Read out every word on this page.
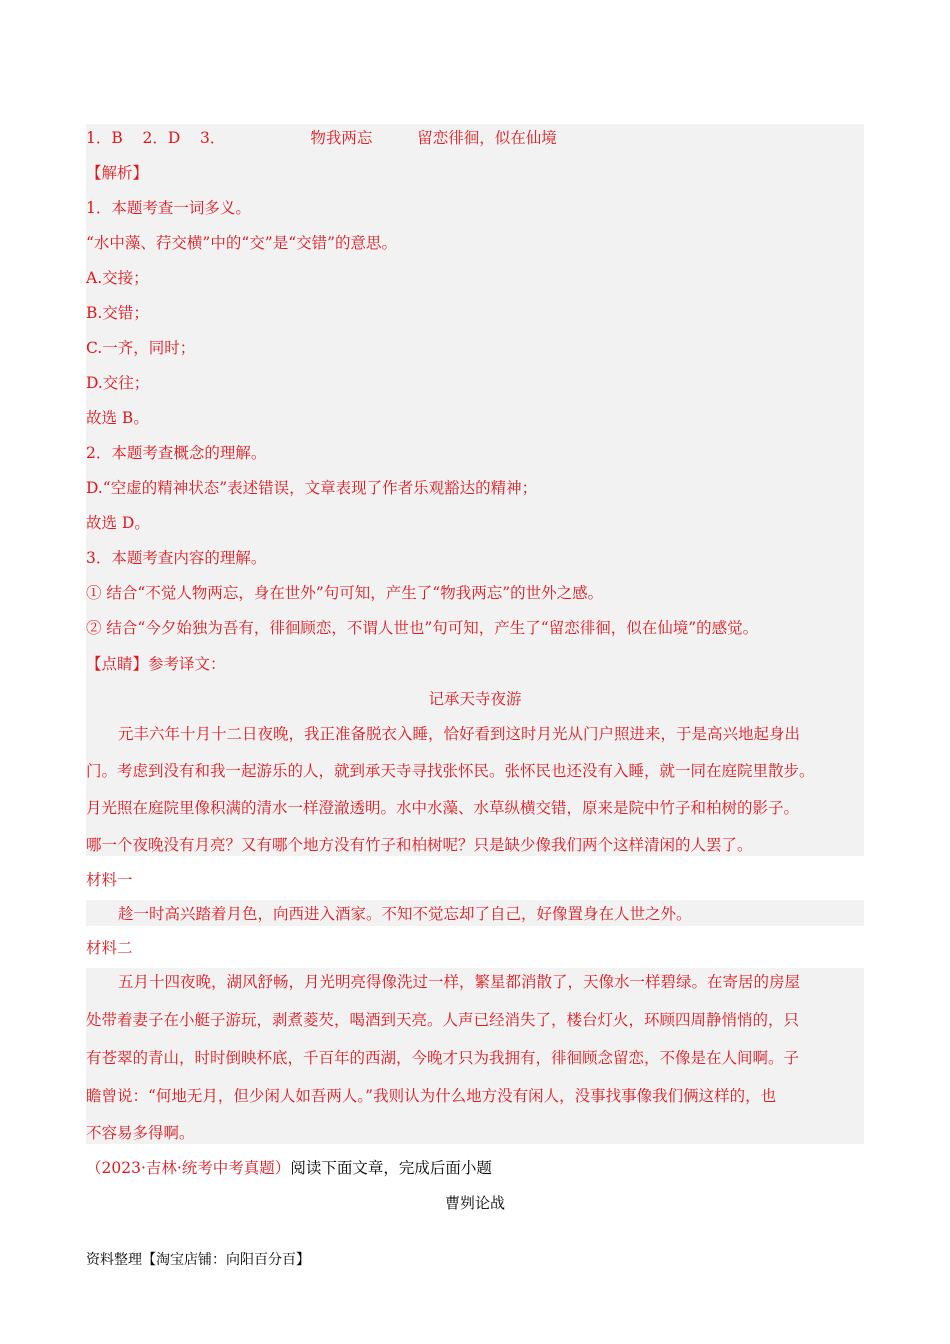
1．B 2．D 3．	物我两忘	留恋徘徊，似在仙境
【解析】
1．本题考查一词多义。
“水中藻、荇交横”中的“交”是“交错”的意思。
A.交接；
B.交错；
C.一齐，同时；
D.交往；
故选 B。
2．本题考查概念的理解。
D.“空虚的精神状态”表述错误，文章表现了作者乐观豁达的精神；
故选 D。
3．本题考查内容的理解。
① 结合“不觉人物两忘，身在世外”句可知，产生了“物我两忘”的世外之感。
② 结合“今夕始独为吾有，徘徊顾恋，不谓人世也”句可知，产生了“留恋徘徊，似在仙境”的感觉。
【点睛】参考译文：
记承天寺夜游
元丰六年十月十二日夜晚，我正准备脱衣入睡，恰好看到这时月光从门户照进来，于是高兴地起身出
门。考虑到没有和我一起游乐的人，就到承天寺寻找张怀民。张怀民也还没有入睡，就一同在庭院里散步。
月光照在庭院里像积满的清水一样澄澈透明。水中水藻、水草纵横交错，原来是院中竹子和柏树的影子。
哪一个夜晚没有月亮？又有哪个地方没有竹子和柏树呢？只是缺少像我们两个这样清闲的人罢了。
材料一
趁一时高兴踏着月色，向西进入酒家。不知不觉忘却了自己，好像置身在人世之外。
材料二
五月十四夜晚，湖风舒畅，月光明亮得像洗过一样，繁星都消散了，天像水一样碧绿。在寄居的房屋
处带着妻子在小艇子游玩，剥煮菱芡，喝酒到天亮。人声已经消失了，楼台灯火，环顾四周静悄悄的，只
有苍翠的青山，时时倒映杯底，千百年的西湖，今晚才只为我拥有，徘徊顾念留恋，不像是在人间啊。子
瞻曾说：“何地无月，但少闲人如吾两人。”我则认为什么地方没有闲人，没事找事像我们俩这样的，也
不容易多得啊。
（2023·吉林·统考中考真题）阅读下面文章，完成后面小题
曹刿论战
资料整理【淘宝店铺：向阳百分百】
